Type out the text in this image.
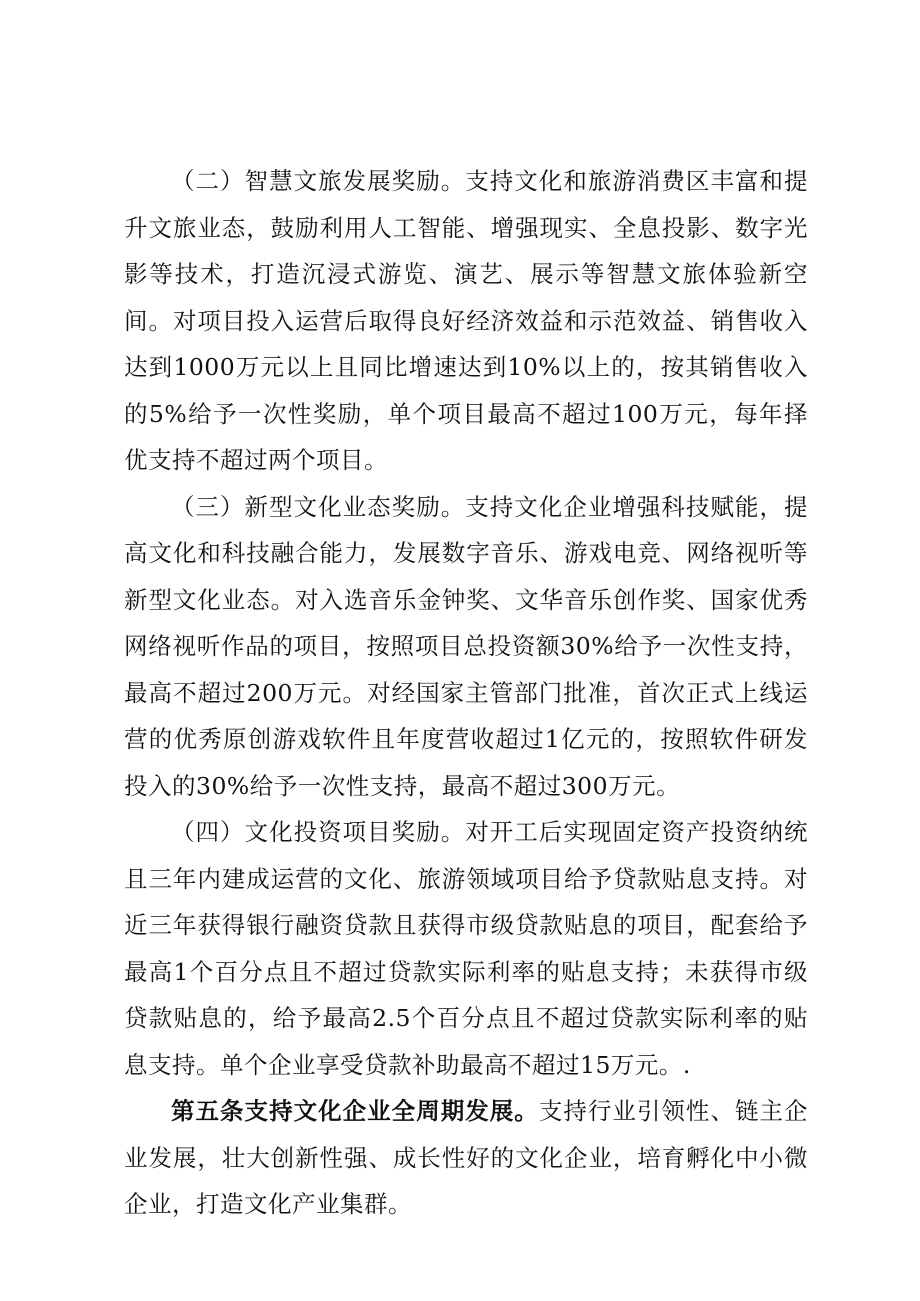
（二）智慧文旅发展奖励。支持文化和旅游消费区丰富和提升文旅业态，鼓励利用人工智能、增强现实、全息投影、数字光影等技术，打造沉浸式游览、演艺、展示等智慧文旅体验新空间。对项目投入运营后取得良好经济效益和示范效益、销售收入达到1000万元以上且同比增速达到10%以上的，按其销售收入的5%给予一次性奖励，单个项目最高不超过100万元，每年择优支持不超过两个项目。

（三）新型文化业态奖励。支持文化企业增强科技赋能，提高文化和科技融合能力，发展数字音乐、游戏电竞、网络视听等新型文化业态。对入选音乐金钟奖、文华音乐创作奖、国家优秀网络视听作品的项目，按照项目总投资额30%给予一次性支持，最高不超过200万元。对经国家主管部门批准，首次正式上线运营的优秀原创游戏软件且年度营收超过1亿元的，按照软件研发投入的30%给予一次性支持，最高不超过300万元。

（四）文化投资项目奖励。对开工后实现固定资产投资纳统且三年内建成运营的文化、旅游领域项目给予贷款贴息支持。对近三年获得银行融资贷款且获得市级贷款贴息的项目，配套给予最高1个百分点且不超过贷款实际利率的贴息支持；未获得市级贷款贴息的，给予最高2.5个百分点且不超过贷款实际利率的贴息支持。单个企业享受贷款补助最高不超过15万元。.

第五条支持文化企业全周期发展。支持行业引领性、链主企业发展，壮大创新性强、成长性好的文化企业，培育孵化中小微企业，打造文化产业集群。
